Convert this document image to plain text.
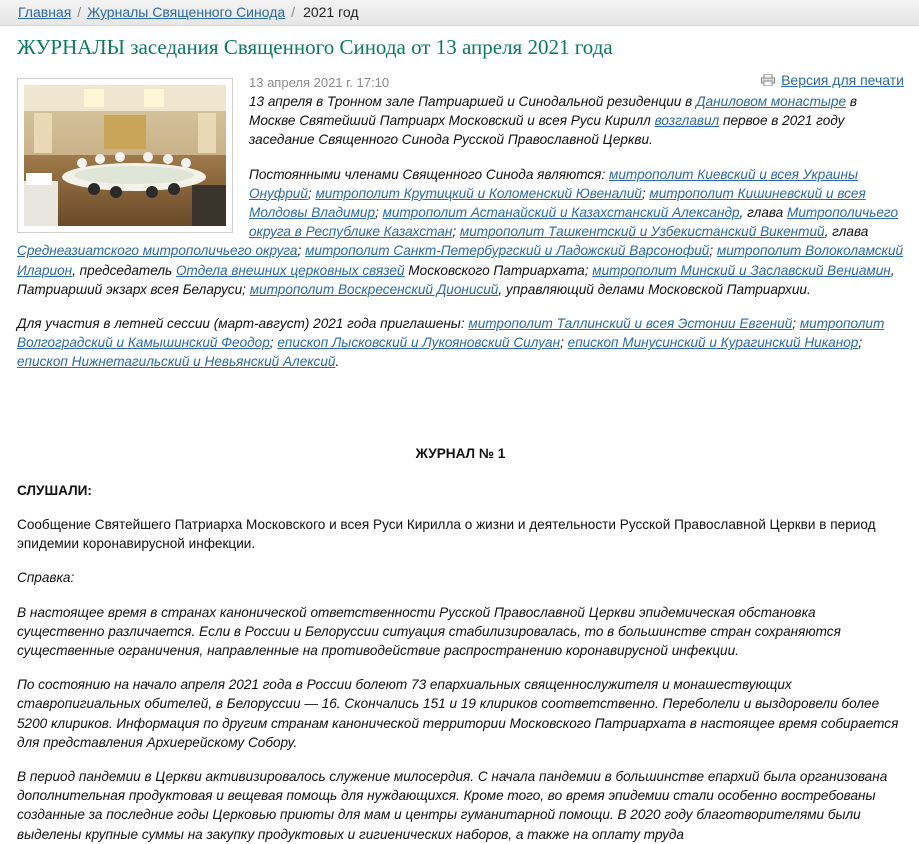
Главная / Журналы Священного Синода / 2021 год
ЖУРНАЛЫ заседания Священного Синода от 13 апреля 2021 года
13 апреля 2021 г. 17:10	Версия для печати

13 апреля в Тронном зале Патриаршей и Синодальной резиденции в Даниловом монастыре в Москве Святейший Патриарх Московский и всея Руси Кирилл возглавил первое в 2021 году заседание Священного Синода Русской Православной Церкви.

Постоянными членами Священного Синода являются: митрополит Киевский и всея Украины Онуфрий; митрополит Крутицкий и Коломенский Ювеналий; митрополит Кишиневский и всея Молдовы Владимир; митрополит Астанайский и Казахстанский Александр, глава Митрополичьего округа в Республике Казахстан; митрополит Ташкентский и Узбекистанский Викентий, глава Среднеазиатского митрополичьего округа; митрополит Санкт-Петербургский и Ладожский Варсонофий; митрополит Волоколамский Иларион, председатель Отдела внешних церковных связей Московского Патриархата; митрополит Минский и Заславский Вениамин, Патриарший экзарх всея Беларуси; митрополит Воскресенский Дионисий, управляющий делами Московской Патриархии.

Для участия в летней сессии (март-август) 2021 года приглашены: митрополит Таллинский и всея Эстонии Евгений; митрополит Волгоградский и Камышинский Феодор; епископ Лысковский и Лукояновский Силуан; епископ Минусинский и Курагинский Никанор; епископ Нижнетагильский и Невьянский Алексий.

ЖУРНАЛ № 1

СЛУШАЛИ:

Сообщение Святейшего Патриарха Московского и всея Руси Кирилла о жизни и деятельности Русской Православной Церкви в период эпидемии коронавирусной инфекции.

Справка:

В настоящее время в странах канонической ответственности Русской Православной Церкви эпидемическая обстановка существенно различается. Если в России и Белоруссии ситуация стабилизировалась, то в большинстве стран сохраняются существенные ограничения, направленные на противодействие распространению коронавирусной инфекции.

По состоянию на начало апреля 2021 года в России болеют 73 епархиальных священнослужителя и монашествующих ставропигиальных обителей, в Белоруссии — 16. Скончались 151 и 19 клириков соответственно. Переболели и выздоровели более 5200 клириков. Информация по другим странам канонической территории Московского Патриархата в настоящее время собирается для представления Архиерейскому Собору.

В период пандемии в Церкви активизировалось служение милосердия. С начала пандемии в большинстве епархий была организована дополнительная продуктовая и вещевая помощь для нуждающихся. Кроме того, во время эпидемии стали особенно востребованы созданные за последние годы Церковью приюты для мам и центры гуманитарной помощи. В 2020 году благотворителями были выделены крупные суммы на закупку продуктовых и гигиенических наборов, а также на оплату труда
